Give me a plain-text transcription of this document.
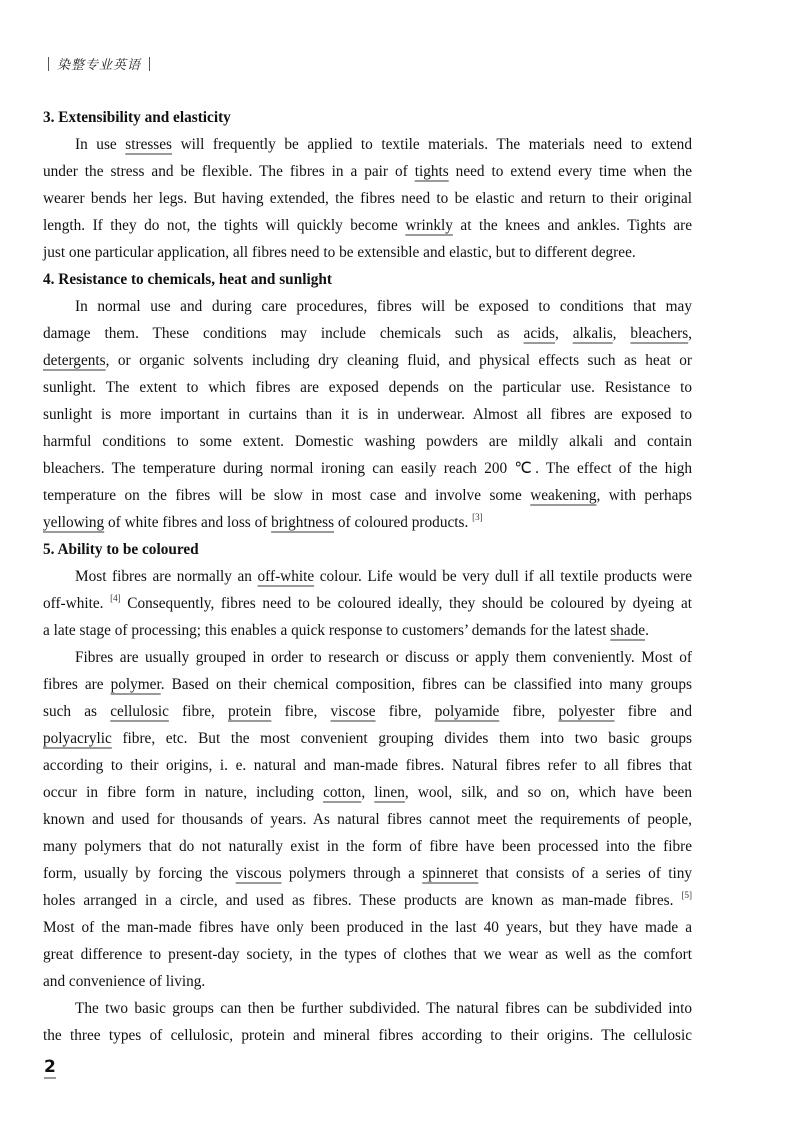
染整专业英语
3. Extensibility and elasticity
In use stresses will frequently be applied to textile materials. The materials need to extend
under the stress and be flexible. The fibres in a pair of tights need to extend every time when the
wearer bends her legs. But having extended, the fibres need to be elastic and return to their original
length. If they do not, the tights will quickly become wrinkly at the knees and ankles. Tights are
just one particular application, all fibres need to be extensible and elastic, but to different degree.
4. Resistance to chemicals, heat and sunlight
In normal use and during care procedures, fibres will be exposed to conditions that may
damage them. These conditions may include chemicals such as acids, alkalis, bleachers,
detergents, or organic solvents including dry cleaning fluid, and physical effects such as heat or
sunlight. The extent to which fibres are exposed depends on the particular use. Resistance to
sunlight is more important in curtains than it is in underwear. Almost all fibres are exposed to
harmful conditions to some extent. Domestic washing powders are mildly alkali and contain
bleachers. The temperature during normal ironing can easily reach 200 ℃. The effect of the high
temperature on the fibres will be slow in most case and involve some weakening, with perhaps
yellowing of white fibres and loss of brightness of coloured products. [3]
5. Ability to be coloured
Most fibres are normally an off-white colour. Life would be very dull if all textile products were
off-white. [4] Consequently, fibres need to be coloured ideally, they should be coloured by dyeing at
a late stage of processing; this enables a quick response to customers’ demands for the latest shade.
Fibres are usually grouped in order to research or discuss or apply them conveniently. Most of
fibres are polymer. Based on their chemical composition, fibres can be classified into many groups
such as cellulosic fibre, protein fibre, viscose fibre, polyamide fibre, polyester fibre and
polyacrylic fibre, etc. But the most convenient grouping divides them into two basic groups
according to their origins, i. e. natural and man-made fibres. Natural fibres refer to all fibres that
occur in fibre form in nature, including cotton, linen, wool, silk, and so on, which have been
known and used for thousands of years. As natural fibres cannot meet the requirements of people,
many polymers that do not naturally exist in the form of fibre have been processed into the fibre
form, usually by forcing the viscous polymers through a spinneret that consists of a series of tiny
holes arranged in a circle, and used as fibres. These products are known as man-made fibres. [5]
Most of the man-made fibres have only been produced in the last 40 years, but they have made a
great difference to present-day society, in the types of clothes that we wear as well as the comfort
and convenience of living.
The two basic groups can then be further subdivided. The natural fibres can be subdivided into
the three types of cellulosic, protein and mineral fibres according to their origins. The cellulosic
2
